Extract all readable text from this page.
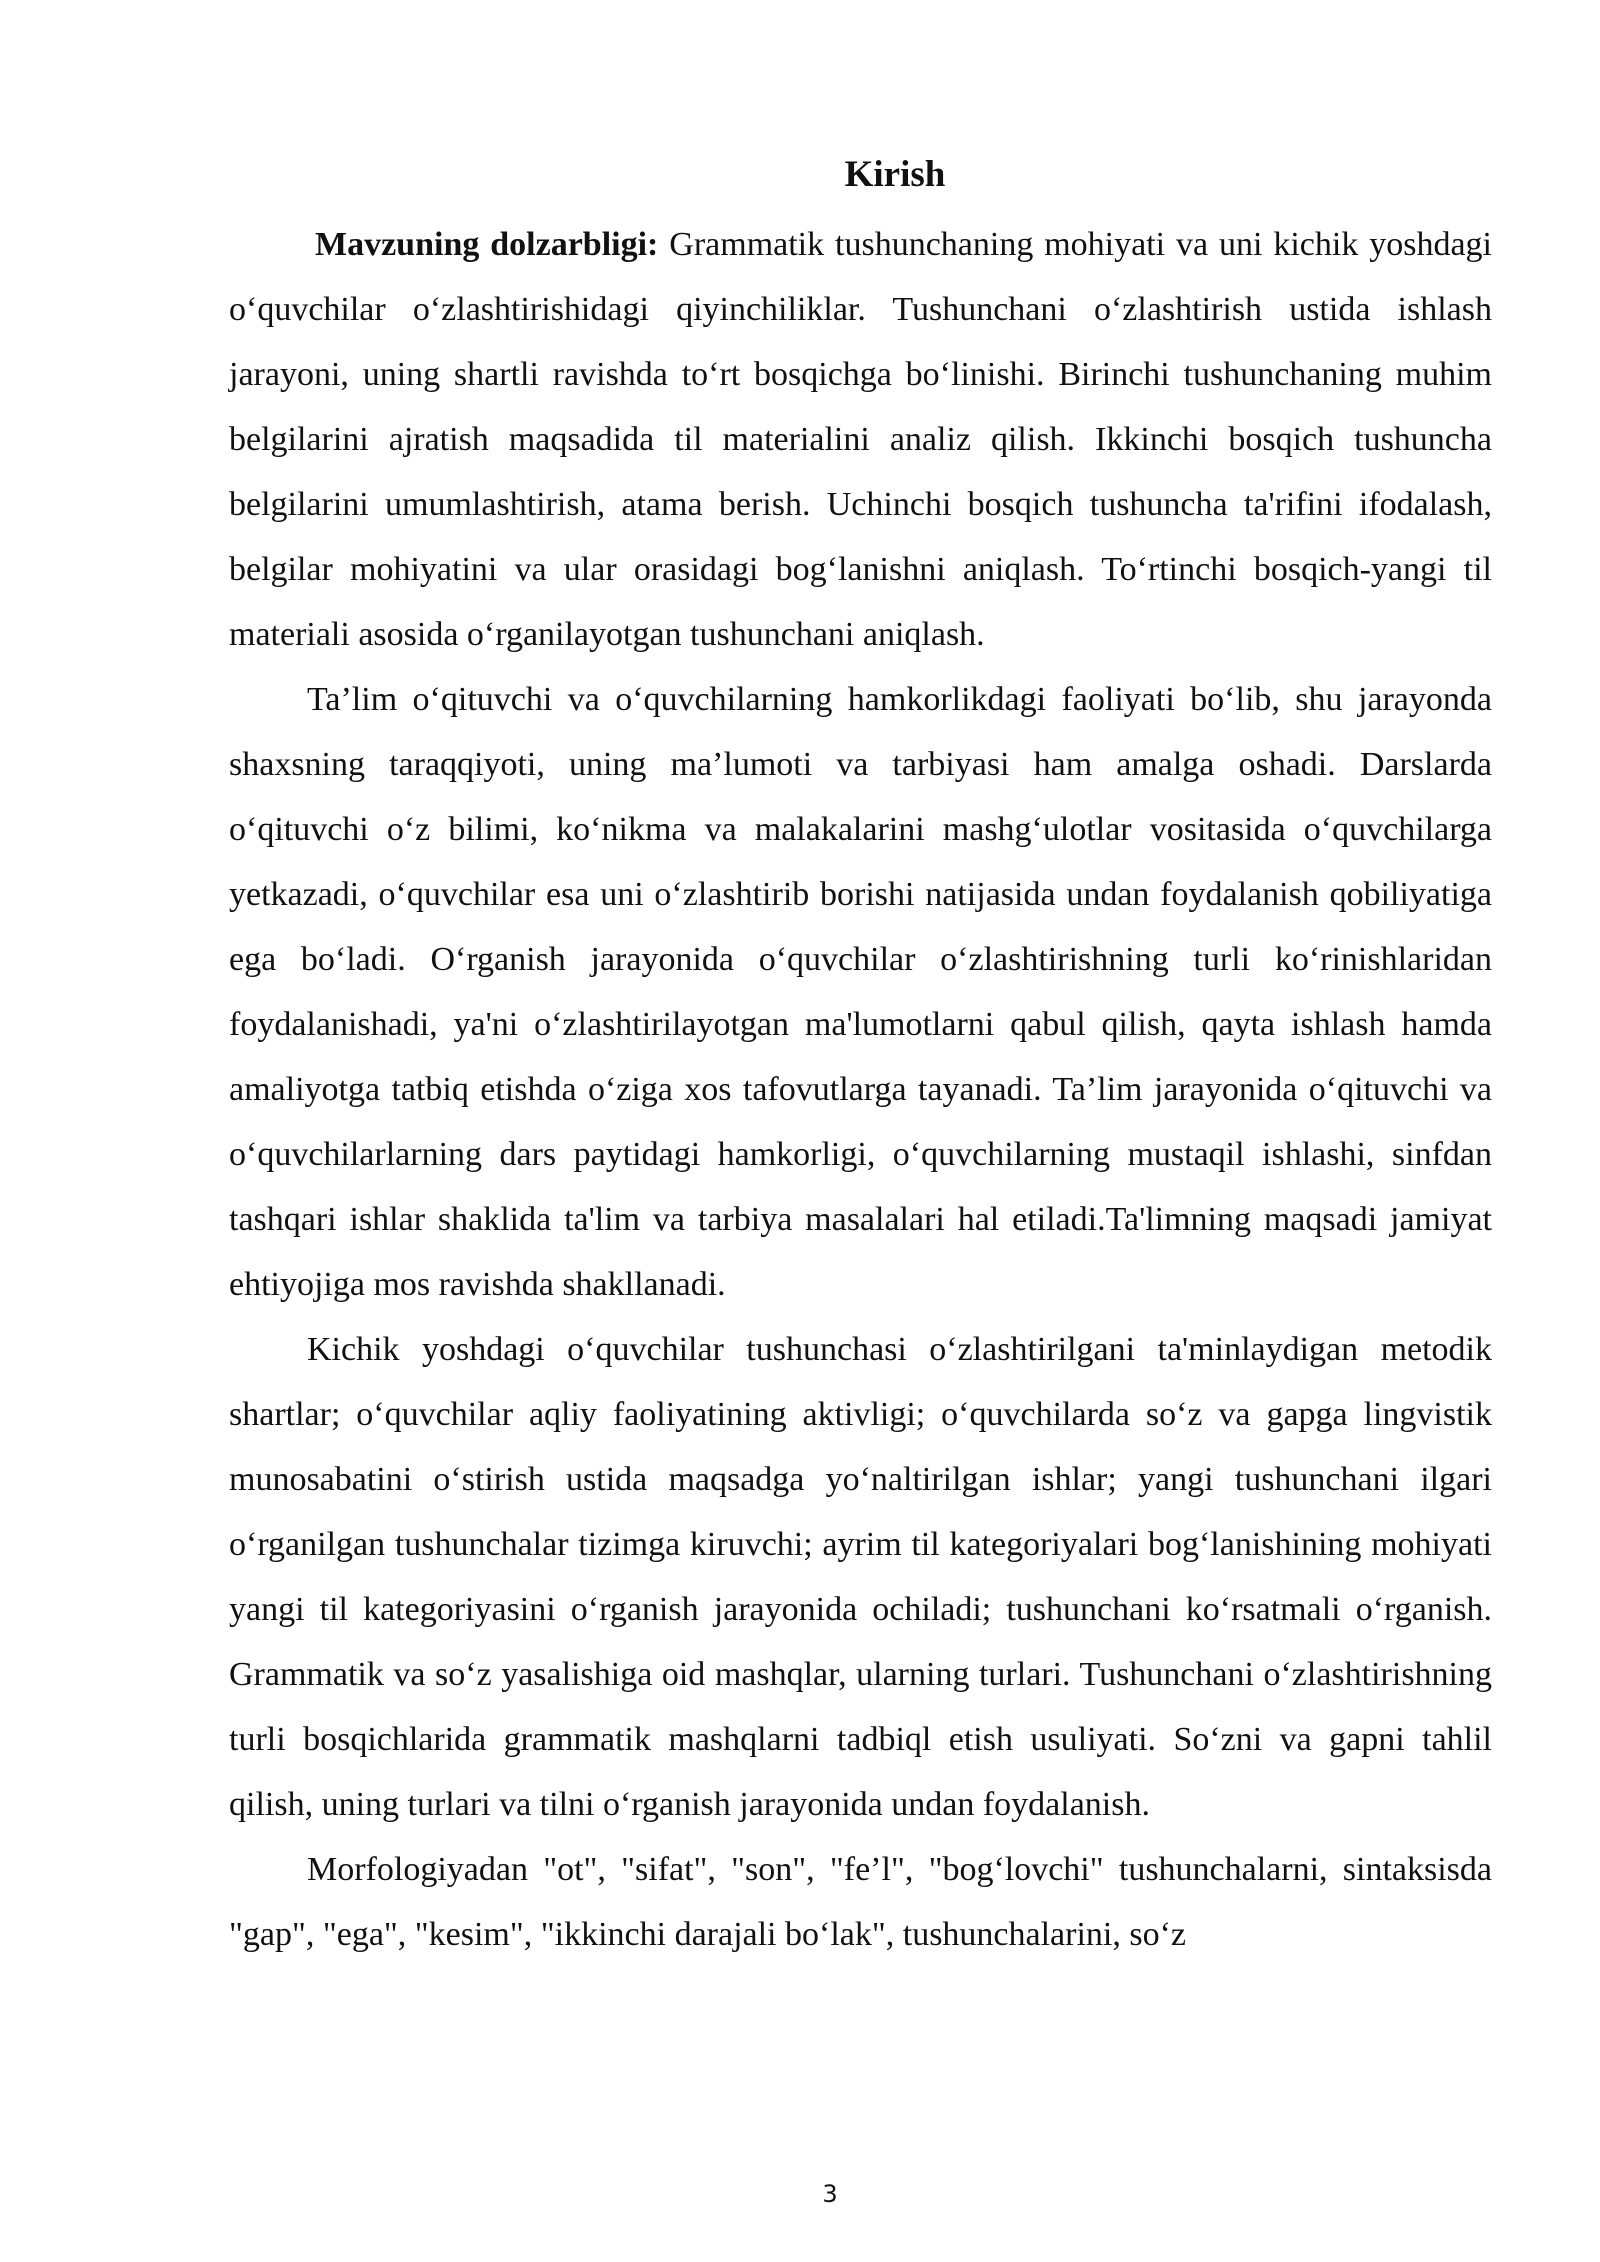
Kirish

Mavzuning dolzarbligi: Grammatik tushunchaning mohiyati va uni kichik yoshdagi o‘quvchilar o‘zlashtirishidagi qiyinchiliklar. Tushunchani o‘zlashtirish ustida ishlash jarayoni, uning shartli ravishda to‘rt bosqichga bo‘linishi. Birinchi tushunchaning muhim belgilarini ajratish maqsadida til materialini analiz qilish. Ikkinchi bosqich tushuncha belgilarini umumlashtirish, atama berish. Uchinchi bosqich tushuncha ta'rifini ifodalash, belgilar mohiyatini va ular orasidagi bog‘lanishni aniqlash. To‘rtinchi bosqich-yangi til materiali asosida o‘rganilayotgan tushunchani aniqlash.

Ta’lim o‘qituvchi va o‘quvchilarning hamkorlikdagi faoliyati bo‘lib, shu jarayonda shaxsning taraqqiyoti, uning ma’lumoti va tarbiyasi ham amalga oshadi. Darslarda o‘qituvchi o‘z bilimi, ko‘nikma va malakalarini mashg‘ulotlar vositasida o‘quvchilarga yetkazadi, o‘quvchilar esa uni o‘zlashtirib borishi natijasida undan foydalanish qobiliyatiga ega bo‘ladi. O‘rganish jarayonida o‘quvchilar o‘zlashtirishning turli ko‘rinishlaridan foydalanishadi, ya'ni o‘zlashtirilayotgan ma'lumotlarni qabul qilish, qayta ishlash hamda amaliyotga tatbiq etishda o‘ziga xos tafovutlarga tayanadi. Ta’lim jarayonida o‘qituvchi va o‘quvchilarlarning dars paytidagi hamkorligi, o‘quvchilarning mustaqil ishlashi, sinfdan tashqari ishlar shaklida ta'lim va tarbiya masalalari hal etiladi.Ta'limning maqsadi jamiyat ehtiyojiga mos ravishda shakllanadi.

Kichik yoshdagi o‘quvchilar tushunchasi o‘zlashtirilgani ta'minlaydigan metodik shartlar; o‘quvchilar aqliy faoliyatining aktivligi; o‘quvchilarda so‘z va gapga lingvistik munosabatini o‘stirish ustida maqsadga yo‘naltirilgan ishlar; yangi tushunchani ilgari o‘rganilgan tushunchalar tizimga kiruvchi; ayrim til kategoriyalari bog‘lanishining mohiyati yangi til kategoriyasini o‘rganish jarayonida ochiladi; tushunchani ko‘rsatmali o‘rganish. Grammatik va so‘z yasalishiga oid mashqlar, ularning turlari. Tushunchani o‘zlashtirishning turli bosqichlarida grammatik mashqlarni tadbiql etish usuliyati. So‘zni va gapni tahlil qilish, uning turlari va tilni o‘rganish jarayonida undan foydalanish.

Morfologiyadan "ot", "sifat", "son", "fe’l", "bog‘lovchi" tushunchalarni, sintaksisda "gap", "ega", "kesim", "ikkinchi darajali bo‘lak", tushunchalarini, so‘z

3
